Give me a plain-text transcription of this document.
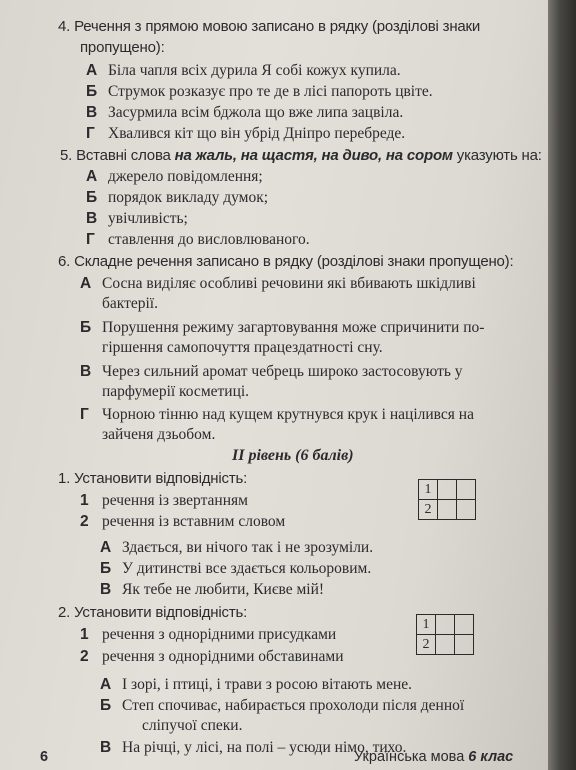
4. Речення з прямою мовою записано в рядку (розділові знаки
пропущено):
А Біла чапля всіх дурила Я собі кожух купила.
Б Струмок розказує про те де в лісі папороть цвіте.
В Засурмила всім бджола що вже липа зацвіла.
Г Хвалився кіт що він убрід Дніпро перебреде.
5. Вставні слова на жаль, на щастя, на диво, на сором указують на:
А джерело повідомлення;
Б порядок викладу думок;
В увічливість;
Г ставлення до висловлюваного.
6. Складне речення записано в рядку (розділові знаки пропущено):
А Сосна виділяє особливі речовини які вбивають шкідливі
бактерії.
Б Порушення режиму загартовування може спричинити по-
гіршення самопочуття працездатності сну.
В Через сильний аромат чебрець широко застосовують у
парфумерії косметиці.
Г Чорною тінню над кущем крутнувся крук і націлився на
зайченя дзьобом.
ІІ рівень (6 балів)
1. Установити відповідність:
1 речення із звертанням
2 речення із вставним словом
1		
2		
А Здається, ви нічого так і не зрозуміли.
Б У дитинстві все здається кольоровим.
В Як тебе не любити, Києве мій!
2. Установити відповідність:
1 речення з однорідними присудками
2 речення з однорідними обставинами
1		
2		
А І зорі, і птиці, і трави з росою вітають мене.
Б Степ спочиває, набирається прохолоди після денної
сліпучої спеки.
В На річці, у лісі, на полі – усюди німо, тихо.
6	Українська мова 6 клас
